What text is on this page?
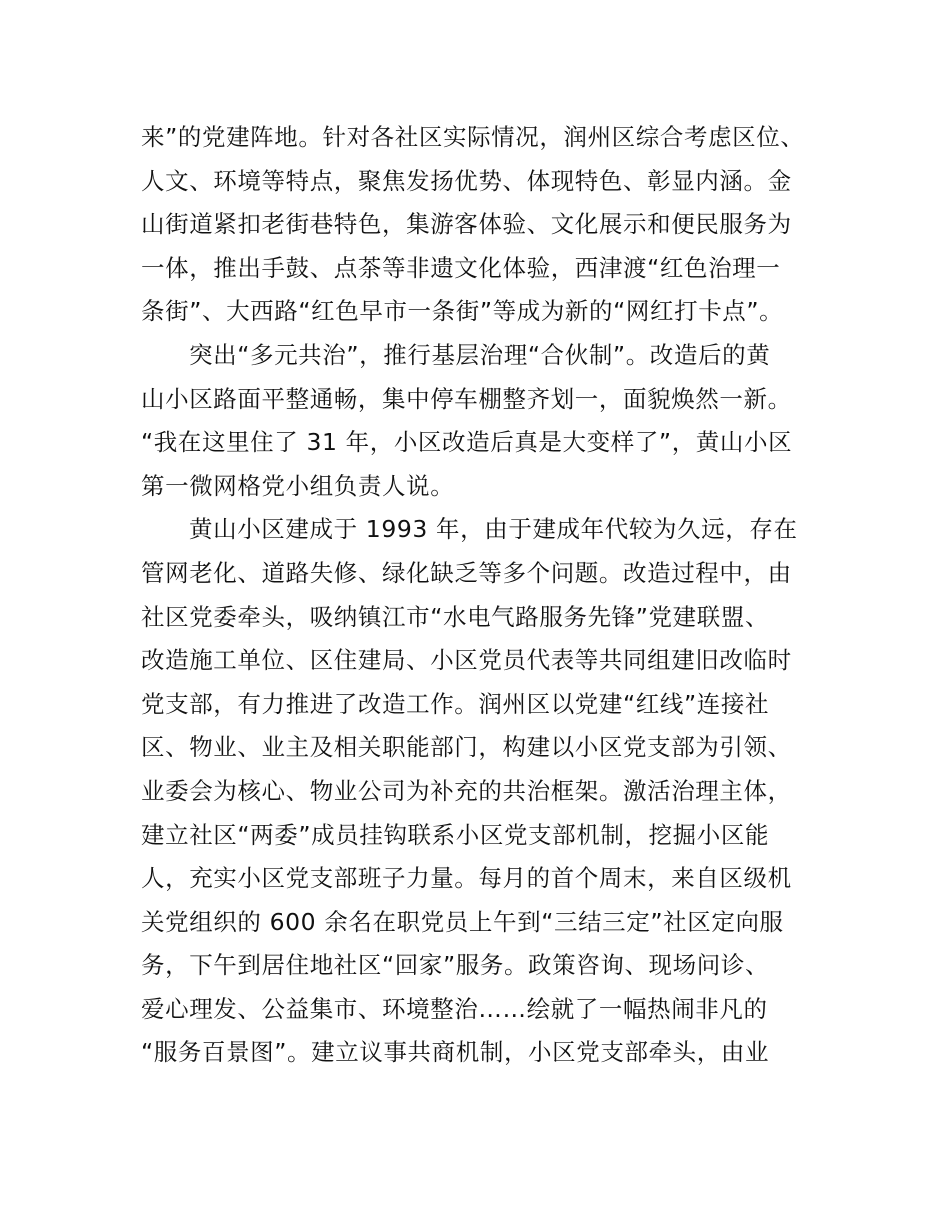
来”的党建阵地。针对各社区实际情况，润州区综合考虑区位、
人文、环境等特点，聚焦发扬优势、体现特色、彰显内涵。金
山街道紧扣老街巷特色，集游客体验、文化展示和便民服务为
一体，推出手鼓、点茶等非遗文化体验，西津渡“红色治理一
条街”、大西路“红色早市一条街”等成为新的“网红打卡点”。
突出“多元共治”，推行基层治理“合伙制”。改造后的黄
山小区路面平整通畅，集中停车棚整齐划一，面貌焕然一新。
“我在这里住了 31 年，小区改造后真是大变样了”，黄山小区
第一微网格党小组负责人说。
黄山小区建成于 1993 年，由于建成年代较为久远，存在
管网老化、道路失修、绿化缺乏等多个问题。改造过程中，由
社区党委牵头，吸纳镇江市“水电气路服务先锋”党建联盟、
改造施工单位、区住建局、小区党员代表等共同组建旧改临时
党支部，有力推进了改造工作。润州区以党建“红线”连接社
区、物业、业主及相关职能部门，构建以小区党支部为引领、
业委会为核心、物业公司为补充的共治框架。激活治理主体，
建立社区“两委”成员挂钩联系小区党支部机制，挖掘小区能
人，充实小区党支部班子力量。每月的首个周末，来自区级机
关党组织的 600 余名在职党员上午到“三结三定”社区定向服
务，下午到居住地社区“回家”服务。政策咨询、现场问诊、
爱心理发、公益集市、环境整治……绘就了一幅热闹非凡的
“服务百景图”。建立议事共商机制，小区党支部牵头，由业
